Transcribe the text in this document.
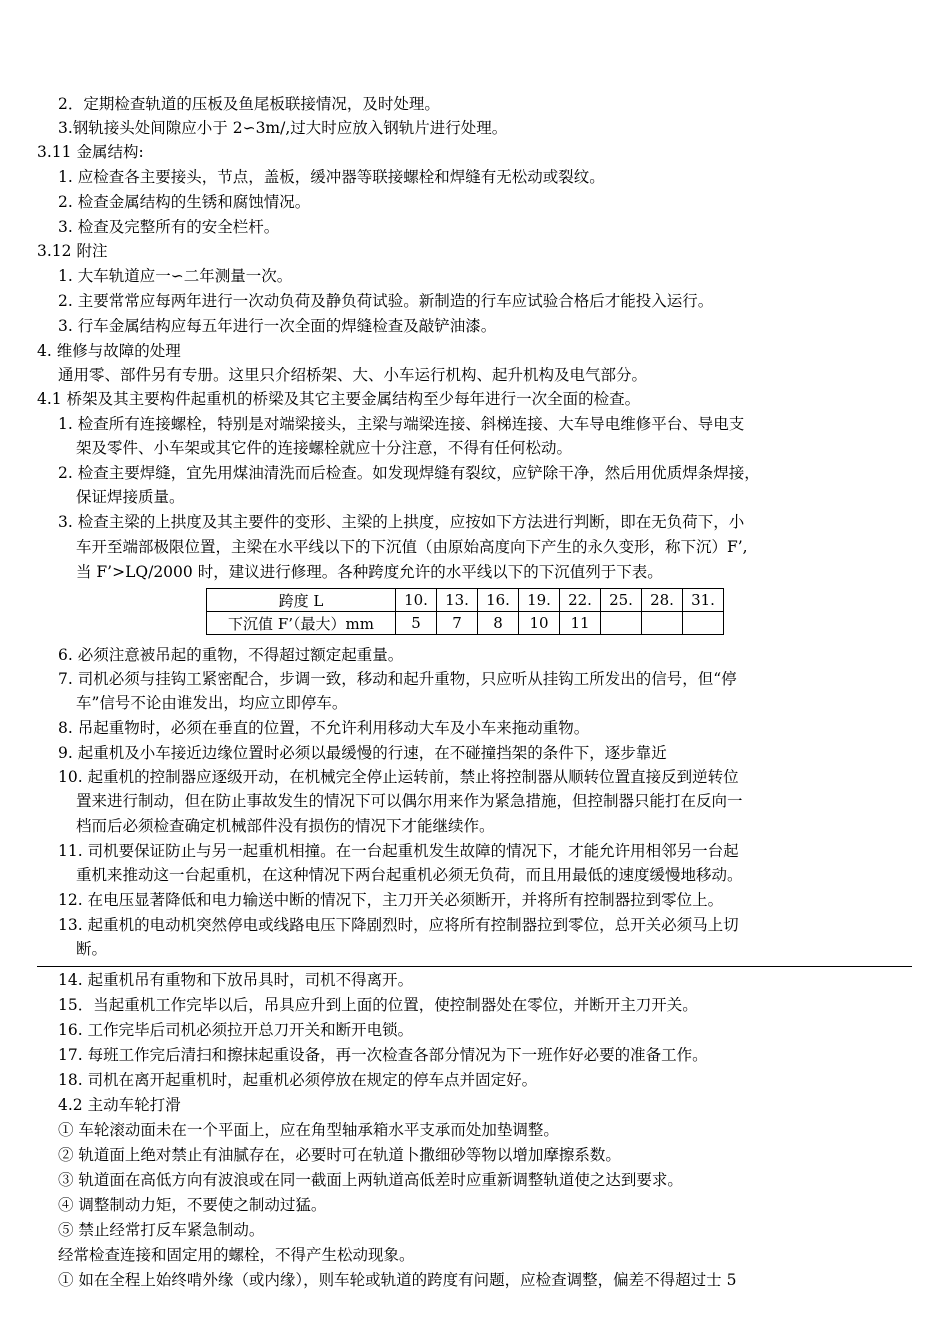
2．定期检查轨道的压板及鱼尾板联接情况，及时处理。
3.钢轨接头处间隙应小于 2∽3m/,过大时应放入钢轨片进行处理。
3.11 金属结构:
1. 应检查各主要接头，节点，盖板，缓冲器等联接螺栓和焊缝有无松动或裂纹。
2. 检查金属结构的生锈和腐蚀情况。
3. 检查及完整所有的安全栏杆。
3.12 附注
1. 大车轨道应一∽二年测量一次。
2. 主要常常应每两年进行一次动负荷及静负荷试验。新制造的行车应试验合格后才能投入运行。
3. 行车金属结构应每五年进行一次全面的焊缝检查及敲铲油漆。
4. 维修与故障的处理
通用零、部件另有专册。这里只介绍桥架、大、小车运行机构、起升机构及电气部分。
4.1 桥架及其主要构件起重机的桥梁及其它主要金属结构至少每年进行一次全面的检查。
1. 检查所有连接螺栓，特别是对端梁接头，主梁与端梁连接、斜梯连接、大车导电维修平台、导电支
架及零件、小车架或其它件的连接螺栓就应十分注意，不得有任何松动。
2. 检查主要焊缝，宜先用煤油清洗而后检查。如发现焊缝有裂纹，应铲除干净，然后用优质焊条焊接，
保证焊接质量。
3. 检查主梁的上拱度及其主要件的变形、主梁的上拱度，应按如下方法进行判断，即在无负荷下，小
车开至端部极限位置，主梁在水平线以下的下沉值（由原始高度向下产生的永久变形，称下沉）F’,
当 F’>LQ/2000 时，建议进行修理。各种跨度允许的水平线以下的下沉值列于下表。
跨度 L	10.	13.	16.	19.	22.	25.	28.	31.
下沉值 F’（最大）mm	5	7	8	10	11			
6. 必须注意被吊起的重物，不得超过额定起重量。
7. 司机必须与挂钩工紧密配合，步调一致，移动和起升重物，只应听从挂钩工所发出的信号，但“停
车”信号不论由谁发出，均应立即停车。
8. 吊起重物时，必须在垂直的位置，不允许利用移动大车及小车来拖动重物。
9. 起重机及小车接近边缘位置时必须以最缓慢的行速，在不碰撞挡架的条件下，逐步靠近
10. 起重机的控制器应逐级开动，在机械完全停止运转前，禁止将控制器从顺转位置直接反到逆转位
置来进行制动，但在防止事故发生的情况下可以偶尔用来作为紧急措施，但控制器只能打在反向一
档而后必须检查确定机械部件没有损伤的情况下才能继续作。
11. 司机要保证防止与另一起重机相撞。在一台起重机发生故障的情况下，才能允许用相邻另一台起
重机来推动这一台起重机，在这种情况下两台起重机必须无负荷，而且用最低的速度缓慢地移动。
12. 在电压显著降低和电力输送中断的情况下，主刀开关必须断开，并将所有控制器拉到零位上。
13. 起重机的电动机突然停电或线路电压下降剧烈时，应将所有控制器拉到零位，总开关必须马上切
断。
14. 起重机吊有重物和下放吊具时，司机不得离开。
15．当起重机工作完毕以后，吊具应升到上面的位置，使控制器处在零位，并断开主刀开关。
16. 工作完毕后司机必须拉开总刀开关和断开电锁。
17. 每班工作完后清扫和擦抹起重设备，再一次检查各部分情况为下一班作好必要的准备工作。
18. 司机在离开起重机时，起重机必须停放在规定的停车点并固定好。
4.2 主动车轮打滑
① 车轮滚动面未在一个平面上，应在角型轴承箱水平支承而处加垫调整。
② 轨道面上绝对禁止有油腻存在，必要时可在轨道卜撒细砂等物以增加摩擦系数。
③ 轨道面在高低方向有波浪或在同一截面上两轨道高低差时应重新调整轨道使之达到要求。
④ 调整制动力矩，不要使之制动过猛。
⑤ 禁止经常打反车紧急制动。
经常检查连接和固定用的螺栓，不得产生松动现象。
① 如在全程上始终啃外缘（或内缘），则车轮或轨道的跨度有问题，应检查调整，偏差不得超过士 5
